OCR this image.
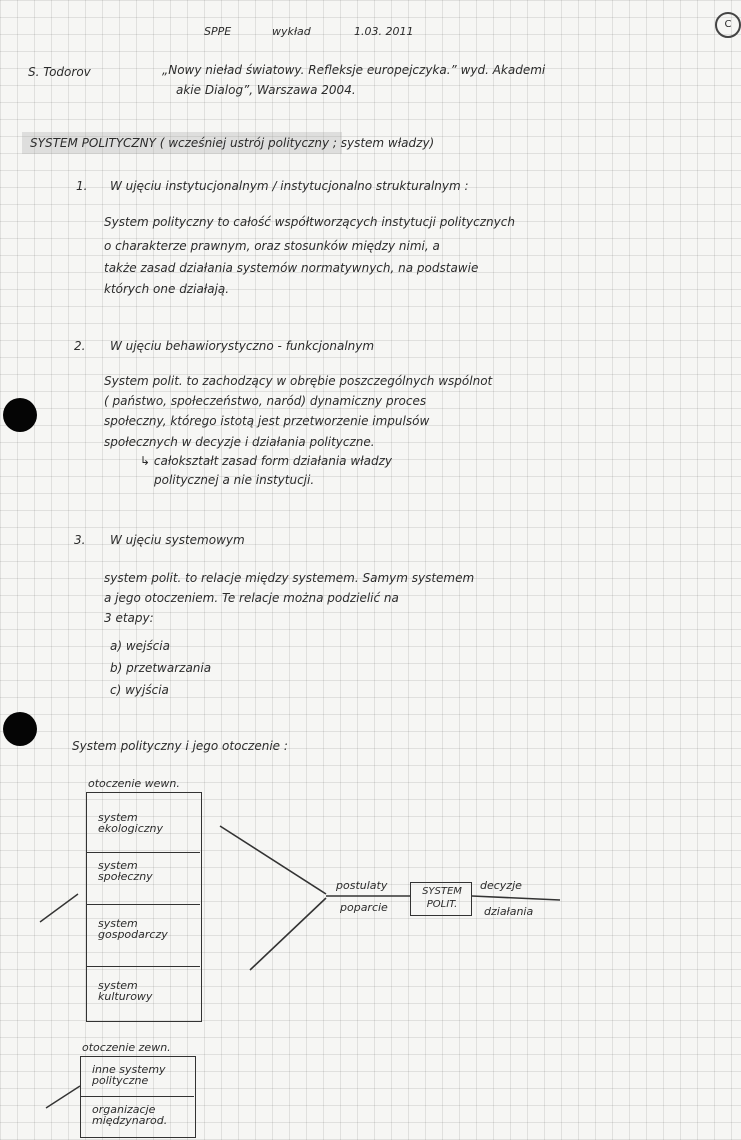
SPPE	wykład	1.03. 2011
C
S. Todorov	„Nowy nieład światowy. Refleksje europejczyka.” wyd. Akademi
akie Dialog”, Warszawa 2004.
SYSTEM POLITYCZNY ( wcześniej ustrój polityczny ; system władzy)
1. W ujęciu instytucjonalnym / instytucjonalno strukturalnym :
System polityczny to całość współtworzących instytucji politycznych
o charakterze prawnym, oraz stosunków między nimi, a
także zasad działania systemów normatywnych, na podstawie
których one działają.
2. W ujęciu behawiorystyczno - funkcjonalnym
System polit. to zachodzący w obrębie poszczególnych wspólnot
( państwo, społeczeństwo, naród) dynamiczny proces
społeczny, którego istotą jest przetworzenie impulsów
społecznych w decyzje i działania polityczne.
↳ całokształt zasad form działania władzy
politycznej a nie instytucji.
3. W ujęciu systemowym
system polit. to relacje między systemem. Samym systemem
a jego otoczeniem. Te relacje można podzielić na
3 etapy:
a) wejścia
b) przetwarzania
c) wyjścia
System polityczny i jego otoczenie :
otoczenie wewn.
system ekologiczny
system społeczny
system gospodarczy
system kulturowy
otoczenie zewn.
inne systemy polityczne
organizacje międzynarod.
postulaty
poparcie
SYSTEM POLIT.
decyzje
działania
